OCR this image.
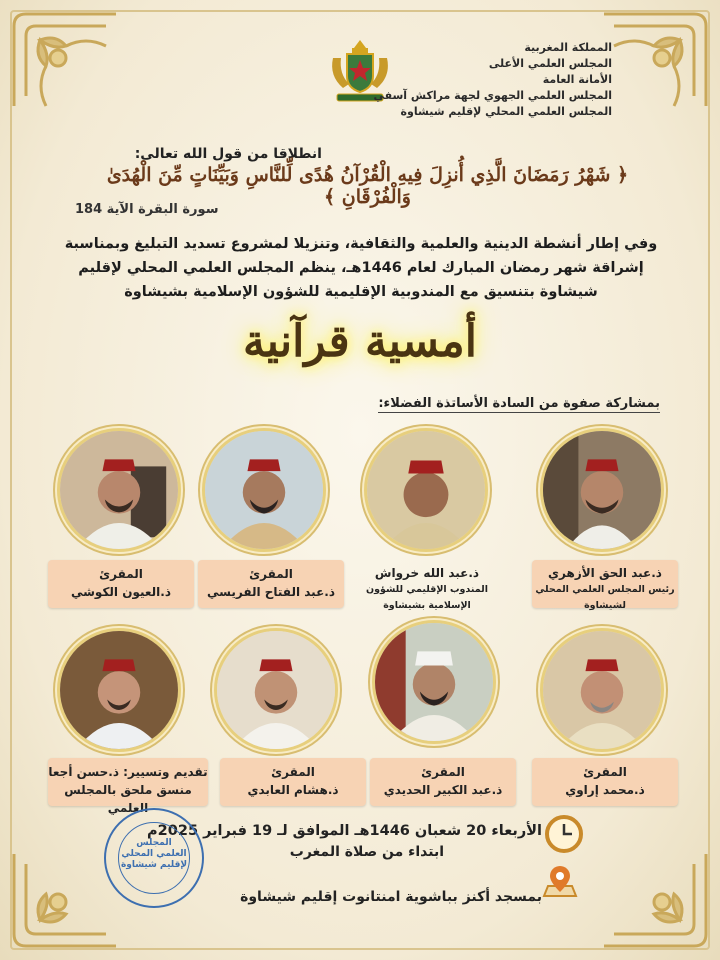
المملكة المغربية
المجلس العلمي الأعلى
الأمانة العامة
المجلس العلمي الجهوي لجهة مراكش آسفي
المجلس العلمي المحلي لإقليم شيشاوة
انطلاقا من قول الله تعالى:
﴿ شَهْرُ رَمَضَانَ الَّذِي أُنزِلَ فِيهِ الْقُرْآنُ هُدًى لِّلنَّاسِ وَبَيِّنَاتٍ مِّنَ الْهُدَىٰ وَالْفُرْقَانِ ﴾
سورة البقرة الآية 184
وفي إطار أنشطة الدينية والعلمية والثقافية، وتنزيلا لمشروع تسديد التبليغ وبمناسبة
إشراقة شهر رمضان المبارك لعام 1446هـ، ينظم المجلس العلمي المحلي لإقليم
شيشاوة بتنسيق مع المندوبية الإقليمية للشؤون الإسلامية بشيشاوة
أمسية قرآنية
بمشاركة صفوة من السادة الأساتذة الفضلاء:
ذ.عبد الحق الأزهري
رئيس المجلس العلمي المحلي لشيشاوة
ذ.عبد الله خرواش
المندوب الإقليمي للشؤون الإسلامية بشيشاوة
المقرئ
ذ.عبد الفتاح الفريسي
المقرئ
ذ.العيون الكوشي
المقرئ
ذ.محمد إراوي
المقرئ
ذ.عبد الكبير الحديدي
المقرئ
ذ.هشام العابدي
تقديم وتسيير: ذ.حسن أجعا
منسق ملحق بالمجلس العلمي
الأربعاء 20 شعبان 1446هـ الموافق لـ 19 فبراير 2025م
ابتداء من صلاة المغرب
بمسجد أكنز بباشوية امنتانوت إقليم شيشاوة
المجلس العلمي المحلي لإقليم شيشاوة
